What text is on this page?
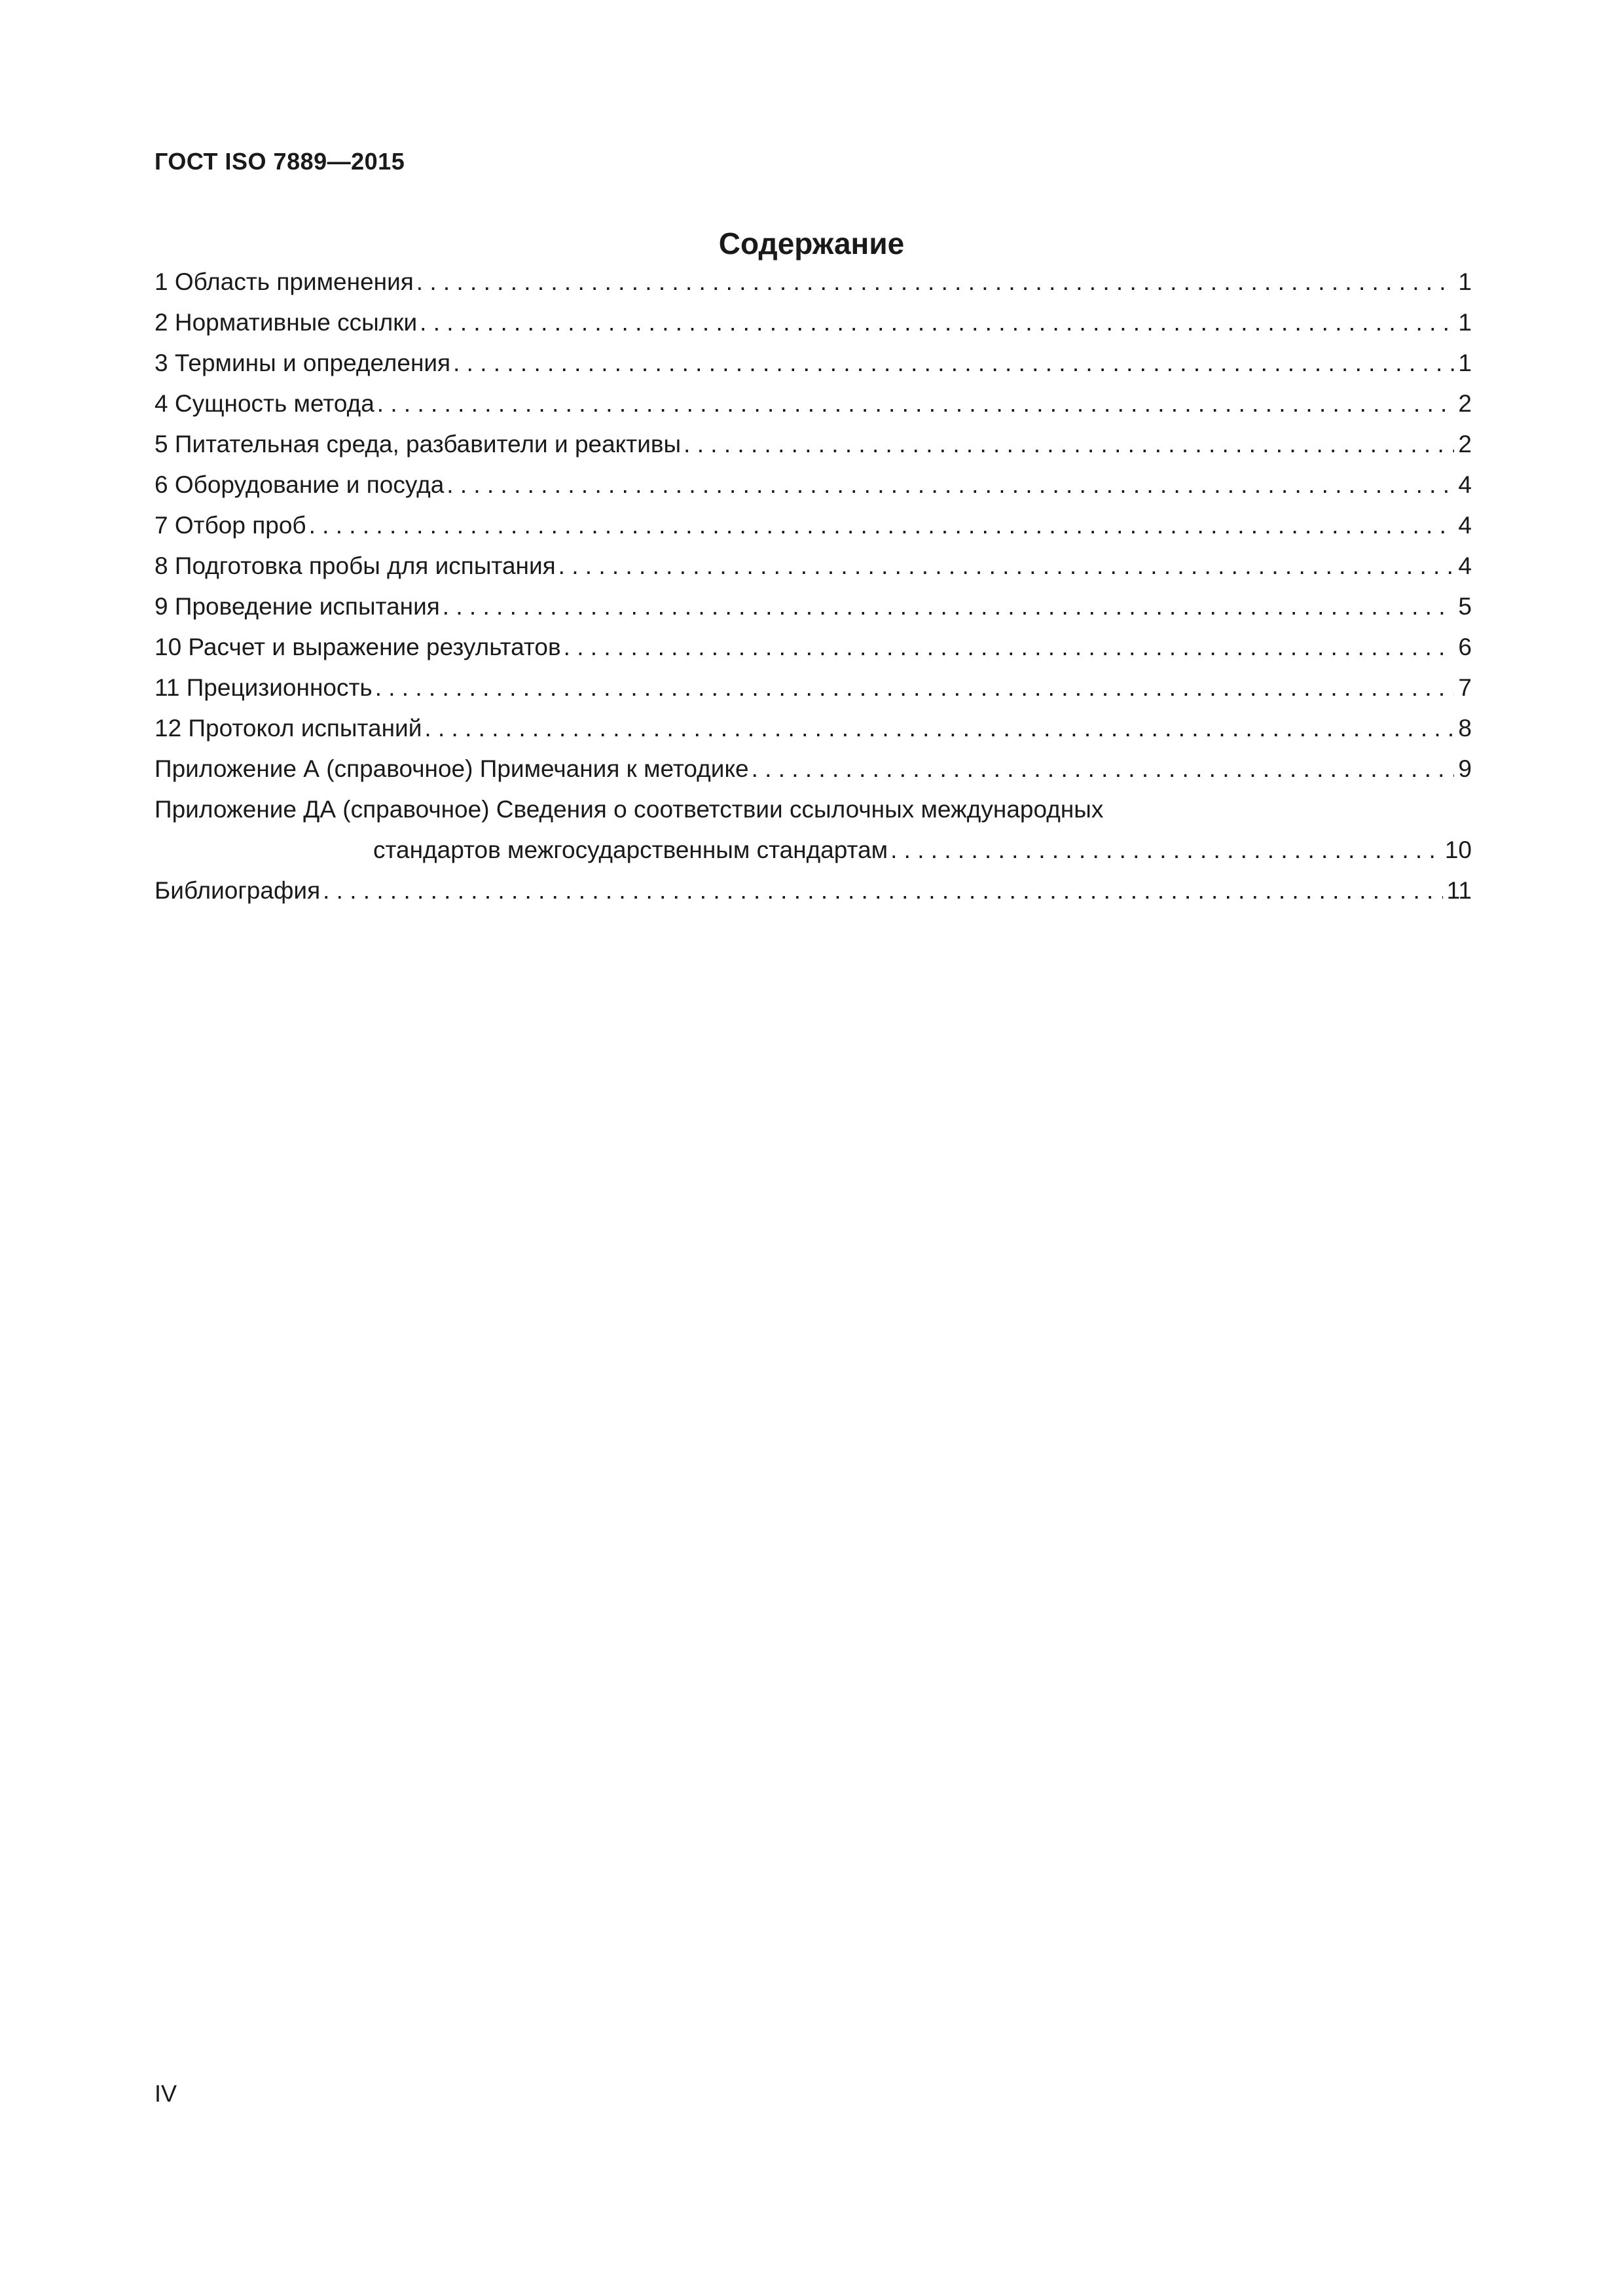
ГОСТ ISO 7889—2015
Содержание
1 Область применения . . .	1
2 Нормативные ссылки . . .	1
3 Термины и определения . . .	1
4 Сущность метода . . .	2
5 Питательная среда, разбавители и реактивы . . .	2
6 Оборудование и посуда . . .	4
7 Отбор проб . . .	4
8 Подготовка пробы для испытания . . .	4
9 Проведение испытания . . .	5
10 Расчет и выражение результатов . . .	6
11 Прецизионность . . .	7
12 Протокол испытаний . . .	8
Приложение А (справочное) Примечания к методике . . .	9
Приложение ДА (справочное) Сведения о соответствии ссылочных международных
стандартов межгосударственным стандартам . . .	10
Библиография . . .	11
IV
